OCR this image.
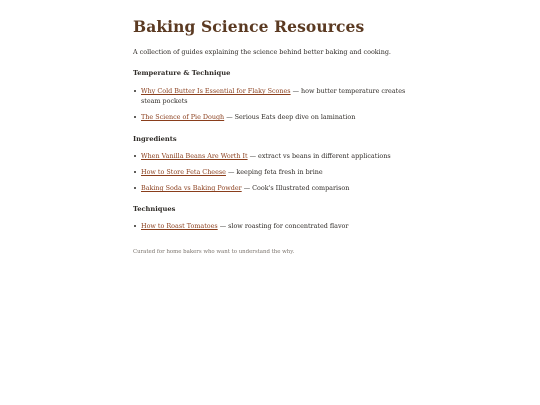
Baking Science Resources

A collection of guides explaining the science behind better baking and cooking.

Temperature & Technique
Why Cold Butter Is Essential for Flaky Scones — how butter temperature creates steam pockets
The Science of Pie Dough — Serious Eats deep dive on lamination
Ingredients
When Vanilla Beans Are Worth It — extract vs beans in different applications
How to Store Feta Cheese — keeping feta fresh in brine
Baking Soda vs Baking Powder — Cook's Illustrated comparison
Techniques
How to Roast Tomatoes — slow roasting for concentrated flavor
Curated for home bakers who want to understand the why.
